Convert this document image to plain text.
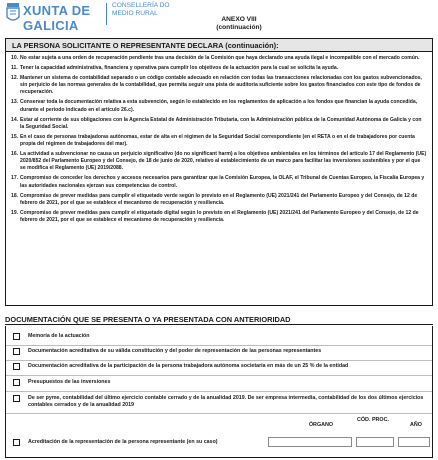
XUNTA DE GALICIA
CONSELLERÍA DO MEDIO RURAL
ANEXO VIII
(continuación)
LA PERSONA SOLICITANTE O REPRESENTANTE DECLARA (continuación):
10. No estar sujeta a una orden de recuperación pendiente tras una decisión de la Comisión que haya declarado una ayuda ilegal e incompatible con el mercado común.
11. Tener la capacidad administrativa, financiera y operativa para cumplir los objetivos de la actuación para la cual se solicita la ayuda.
12. Mantener un sistema de contabilidad separado o un código contable adecuado en relación con todas las transacciones relacionadas con los gastos subvencionados, sin perjuicio de las normas generales de la contabilidad, que permita seguir una pista de auditoría suficiente sobre los gastos financiados con este tipo de fondos de recuperación.
13. Conservar toda la documentación relativa a esta subvención, según lo establecido en los reglamentos de aplicación a los fondos que financian la ayuda concedida, durante el periodo indicado en el artículo 26.c).
14. Estar al corriente de sus obligaciones con la Agencia Estatal de Administración Tributaria, con la Administración pública de la Comunidad Autónoma de Galicia y con la Seguridad Social.
15. En el caso de personas trabajadoras autónomas, estar de alta en el régimen de la Seguridad Social correspondiente (en el RETA o en el de trabajadores por cuenta propia del régimen de trabajadores del mar).
16. La actividad a subvencionar no causa un perjuicio significativo (do no significant harm) a los objetivos ambientales en los términos del artículo 17 del Reglamento (UE) 2020/852 del Parlamento Europeo y del Consejo, de 18 de junio de 2020, relativo al establecimiento de un marco para facilitar las inversiones sostenibles y por el que se modifica el Reglamento (UE) 2019/2088.
17. Compromiso de conceder los derechos y accesos necesarios para garantizar que la Comisión Europea, la OLAF, el Tribunal de Cuentas Europeo, la Fiscalía Europea y las autoridades nacionales ejerzan sus competencias de control.
18. Compromiso de prever medidas para cumplir el etiquetado verde según lo previsto en el Reglamento (UE) 2021/241 del Parlamento Europeo y del Consejo, de 12 de febrero de 2021, por el que se establece el mecanismo de recuperación y resiliencia.
19. Compromiso de prever medidas para cumplir el etiquetado digital según lo previsto en el Reglamento (UE) 2021/241 del Parlamento Europeo y del Consejo, de 12 de febrero de 2021, por el que se establece el mecanismo de recuperación y resiliencia.
DOCUMENTACIÓN QUE SE PRESENTA O YA PRESENTADA CON ANTERIORIDAD
Memoria de la actuación
Documentación acreditativa de su válida constitución y del poder de representación de las personas representantes
Documentación acreditativa de la participación de la persona trabajadora autónoma societaria en más de un 25 % de la entidad
Presupuestos de las inversiones
De ser pyme, contabilidad del último ejercicio contable cerrado y de la anualidad 2019. De ser empresa intermedia, contabilidad de los dos últimos ejercicios contables cerrados y de la anualidad 2019
ÓRGANO
CÓD. PROC.
AÑO
Acreditación de la representación de la persona representante (en su caso)
